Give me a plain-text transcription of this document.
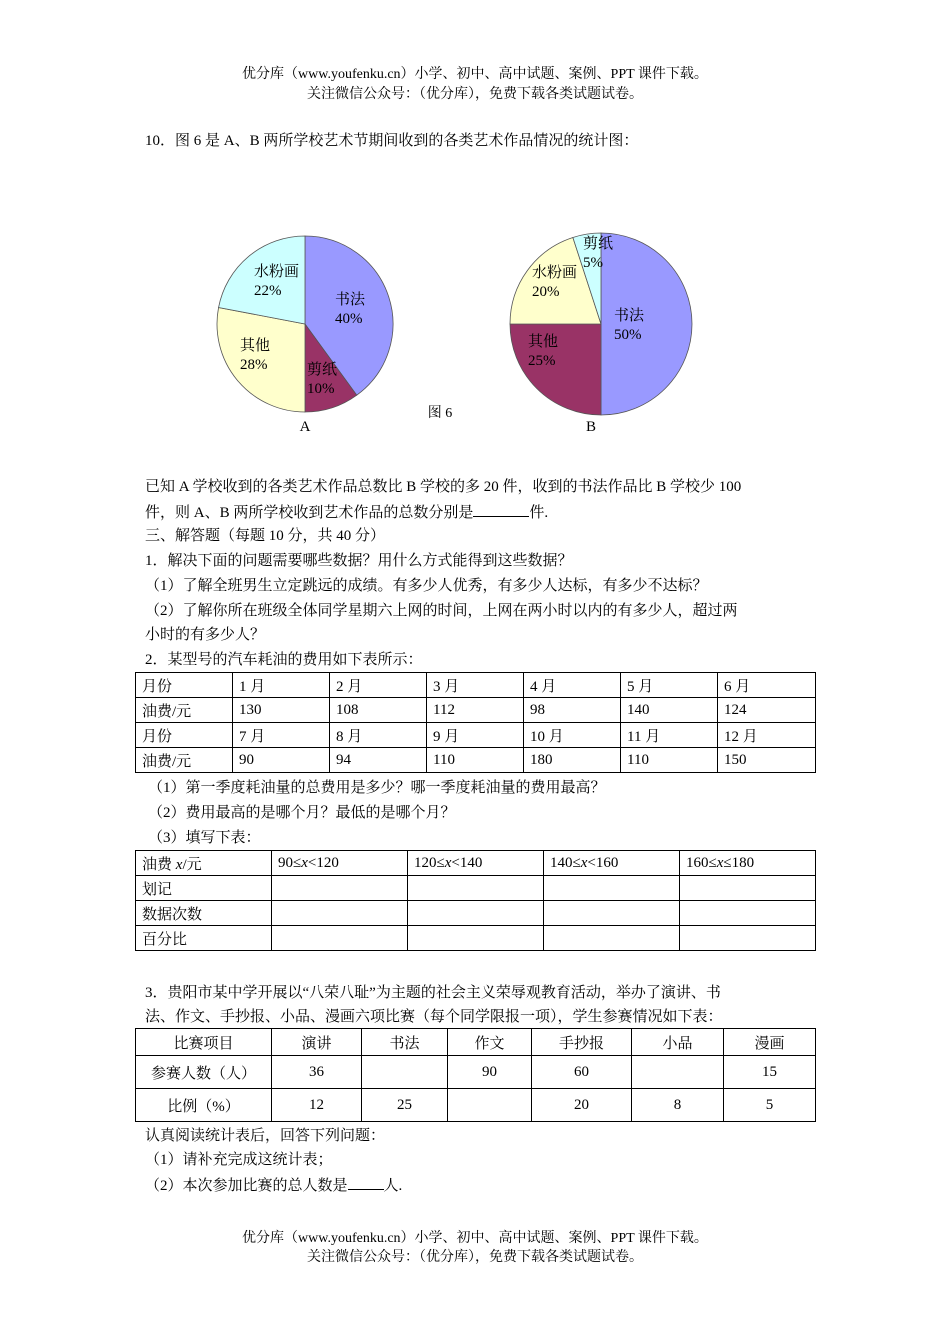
优分库（www.youfenku.cn）小学、初中、高中试题、案例、PPT 课件下载。
关注微信公众号：（优分库），免费下载各类试题试卷。
10．图 6 是 A、B 两所学校艺术节期间收到的各类艺术作品情况的统计图：
书法
40%
剪纸
10%
其他
28%
水粉画
22%
书法
50%
其他
25%
水粉画
20%
剪纸
5%
A	B
图 6
已知 A 学校收到的各类艺术作品总数比 B 学校的多 20 件，收到的书法作品比 B 学校少 100
件，则 A、B 两所学校收到艺术作品的总数分别是	件.
三、解答题（每题 10 分，共 40 分）
1．解决下面的问题需要哪些数据？用什么方式能得到这些数据？
（1）了解全班男生立定跳远的成绩。有多少人优秀，有多少人达标，有多少不达标？
（2）了解你所在班级全体同学星期六上网的时间，上网在两小时以内的有多少人，超过两
小时的有多少人？
2．某型号的汽车耗油的费用如下表所示：
月份	1 月	2 月	3 月	4 月	5 月	6 月
油费/元	130	108	112	98	140	124
月份	7 月	8 月	9 月	10 月	11 月	12 月
油费/元	90	94	110	180	110	150
（1）第一季度耗油量的总费用是多少？哪一季度耗油量的费用最高？
（2）费用最高的是哪个月？最低的是哪个月？
（3）填写下表：
油费 x/元	90≤x<120	120≤x<140	140≤x<160	160≤x≤180
划记				
数据次数				
百分比				
3．贵阳市某中学开展以“八荣八耻”为主题的社会主义荣辱观教育活动，举办了演讲、书
法、作文、手抄报、小品、漫画六项比赛（每个同学限报一项），学生参赛情况如下表：
比赛项目	演讲	书法	作文	手抄报	小品	漫画
参赛人数（人）	36		90	60		15
比例（%）	12	25		20	8	5
认真阅读统计表后，回答下列问题：
（1）请补充完成这统计表；
（2）本次参加比赛的总人数是 人.
优分库（www.youfenku.cn）小学、初中、高中试题、案例、PPT 课件下载。
关注微信公众号：（优分库），免费下载各类试题试卷。
